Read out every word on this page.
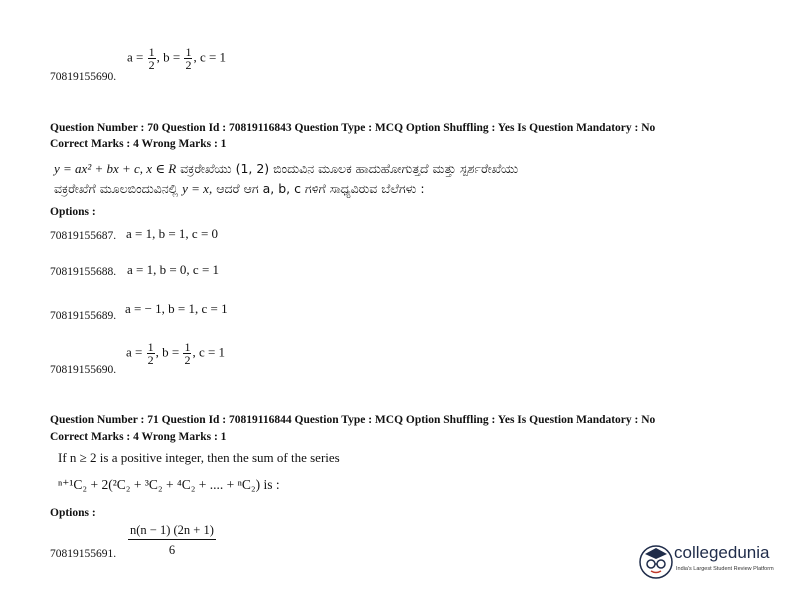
$a = \frac{1}{2}$ , $b = \frac{1}{2}$ , c = 1
70819155690.
Question Number : 70 Question Id : 70819116843 Question Type : MCQ Option Shuffling : Yes Is Question Mandatory : No
Correct Marks : 4 Wrong Marks : 1
y = ax² + bx + c, x ∈ R ವಕ್ರರೇಖೆಯು (1, 2) ಬಿಂದುವಿನ ಮೂಲಕ ಹಾದುಹೋಗುತ್ತದೆ ಮತ್ತು ಸ್ಪರ್ಶರೇಖೆಯು
ವಕ್ರರೇಖೆಗೆ ಮೂಲಬಿಂದುವಿನಲ್ಲಿ y = x, ಆದರೆ ಆಗ a, b, c ಗಳಿಗೆ ಸಾಧ್ಯವಿರುವ ಬೆಲೆಗಳು :
Options :
70819155687. a = 1, b = 1, c = 0
70819155688. a = 1, b = 0, c = 1
70819155689. a = − 1, b = 1, c = 1
$a = \frac{1}{2}$ , $b = \frac{1}{2}$ , c = 1
70819155690.
Question Number : 71 Question Id : 70819116844 Question Type : MCQ Option Shuffling : Yes Is Question Mandatory : No
Correct Marks : 4 Wrong Marks : 1
If n ≥ 2 is a positive integer, then the sum of the series
ⁿ⁺¹C₂ + 2(²C₂ + ³C₂ + ⁴C₂ + .... + ⁿC₂) is :
Options :
$\frac{n(n - 1) (2n + 1)}{6}$
70819155691.	collegedunia
India's Largest Student Review Platform
